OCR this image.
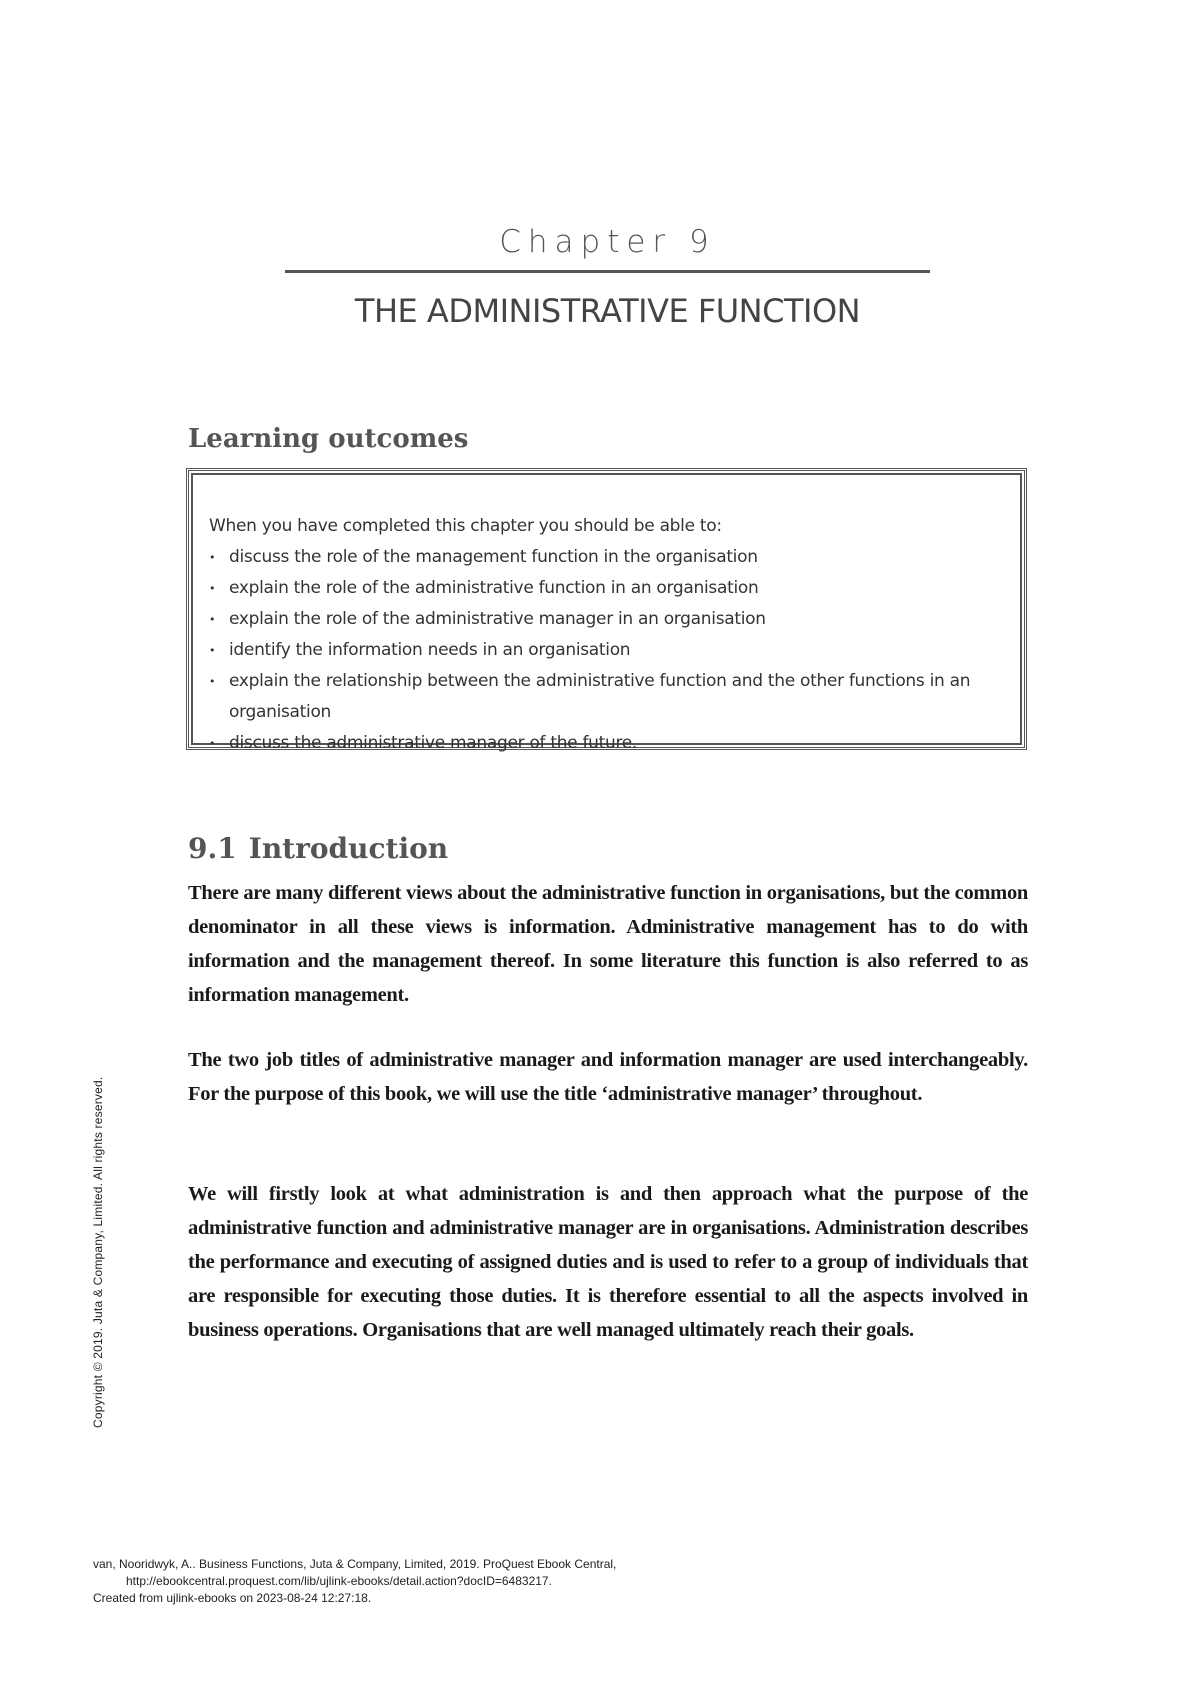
Chapter 9
THE ADMINISTRATIVE FUNCTION
Learning outcomes

When you have completed this chapter you should be able to:

• discuss the role of the management function in the organisation
• explain the role of the administrative function in an organisation
• explain the role of the administrative manager in an organisation
• identify the information needs in an organisation
• explain the relationship between the administrative function and the other functions in an organisation
• discuss the administrative manager of the future.
9.1 Introduction

There are many different views about the administrative function in organisations, but the common denominator in all these views is information. Administrative management has to do with information and the management thereof. In some literature this function is also referred to as information management.

The two job titles of administrative manager and information manager are used interchangeably. For the purpose of this book, we will use the title ‘administrative manager’ throughout.

We will firstly look at what administration is and then approach what the purpose of the administrative function and administrative manager are in organisations. Administration describes the performance and executing of assigned duties and is used to refer to a group of individuals that are responsible for executing those duties. It is therefore essential to all the aspects involved in business operations. Organisations that are well managed ultimately reach their goals.

Copyright © 2019. Juta & Company, Limited. All rights reserved.
van, Nooridwyk, A.. Business Functions, Juta & Company, Limited, 2019. ProQuest Ebook Central,
http://ebookcentral.proquest.com/lib/ujlink-ebooks/detail.action?docID=6483217.
Created from ujlink-ebooks on 2023-08-24 12:27:18.
